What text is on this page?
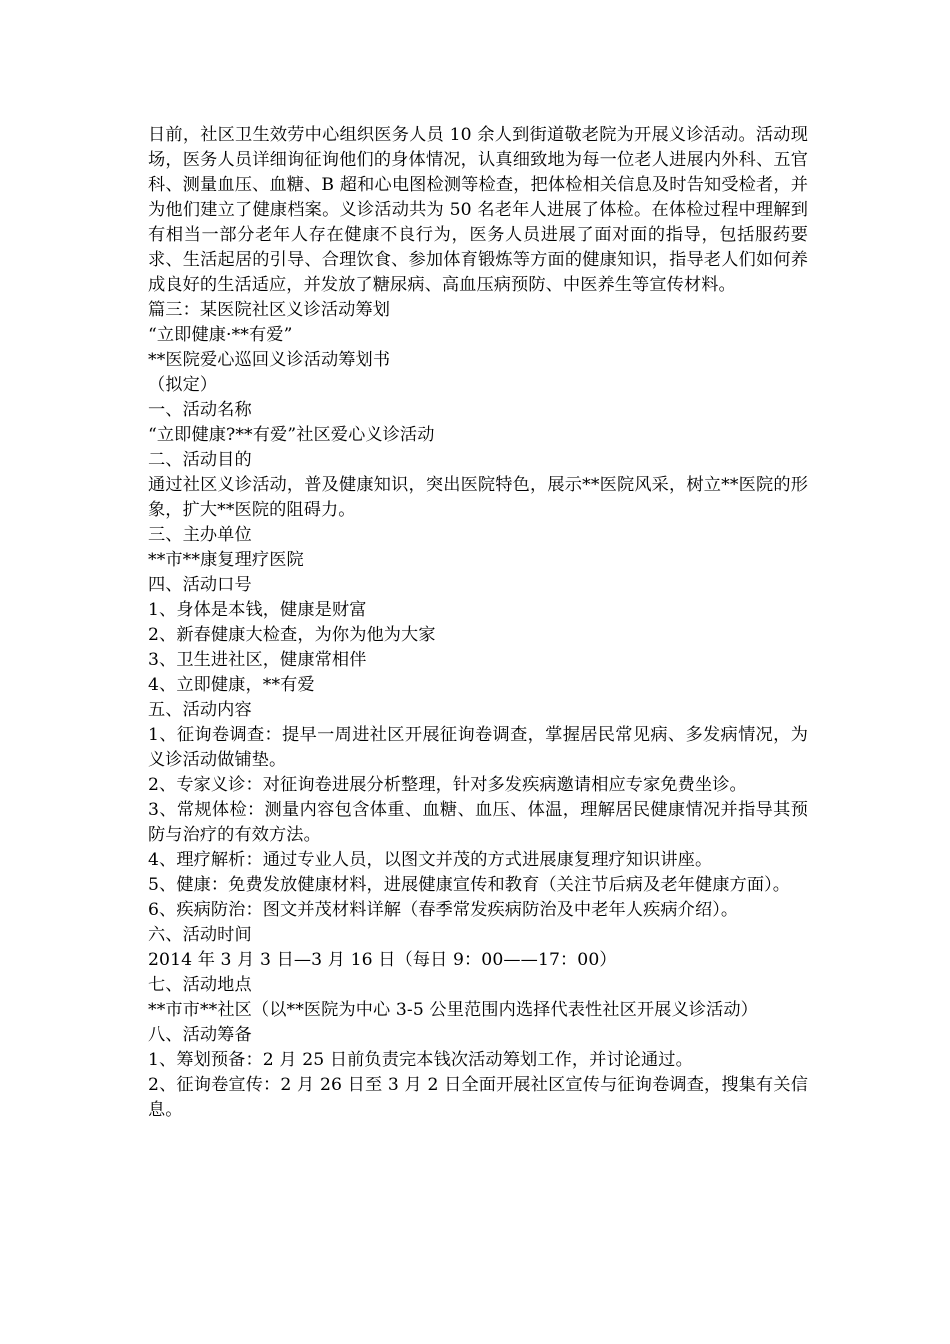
日前，社区卫生效劳中心组织医务人员 10 余人到街道敬老院为开展义诊活动。活动现场，医务人员详细询征询他们的身体情况，认真细致地为每一位老人进展内外科、五官科、测量血压、血糖、B 超和心电图检测等检查，把体检相关信息及时告知受检者，并为他们建立了健康档案。义诊活动共为 50 名老年人进展了体检。在体检过程中理解到有相当一部分老年人存在健康不良行为，医务人员进展了面对面的指导，包括服药要求、生活起居的引导、合理饮食、参加体育锻炼等方面的健康知识，指导老人们如何养成良好的生活适应，并发放了糖尿病、高血压病预防、中医养生等宣传材料。

篇三：某医院社区义诊活动筹划

“立即健康·**有爱”

**医院爱心巡回义诊活动筹划书

（拟定）

一、活动名称

“立即健康?**有爱”社区爱心义诊活动

二、活动目的

通过社区义诊活动，普及健康知识，突出医院特色，展示**医院风采，树立**医院的形象，扩大**医院的阻碍力。

三、主办单位

**市**康复理疗医院

四、活动口号

1、身体是本钱，健康是财富

2、新春健康大检查，为你为他为大家

3、卫生进社区，健康常相伴

4、立即健康，**有爱

五、活动内容

1、征询卷调查：提早一周进社区开展征询卷调查，掌握居民常见病、多发病情况，为义诊活动做铺垫。

2、专家义诊：对征询卷进展分析整理，针对多发疾病邀请相应专家免费坐诊。

3、常规体检：测量内容包含体重、血糖、血压、体温，理解居民健康情况并指导其预防与治疗的有效方法。

4、理疗解析：通过专业人员，以图文并茂的方式进展康复理疗知识讲座。

5、健康：免费发放健康材料，进展健康宣传和教育（关注节后病及老年健康方面）。

6、疾病防治：图文并茂材料详解（春季常发疾病防治及中老年人疾病介绍）。

六、活动时间

2014 年 3 月 3 日—3 月 16 日（每日 9：00——17：00）

七、活动地点

**市市**社区（以**医院为中心 3-5 公里范围内选择代表性社区开展义诊活动）

八、活动筹备

1、筹划预备：2 月 25 日前负责完本钱次活动筹划工作，并讨论通过。

2、征询卷宣传：2 月 26 日至 3 月 2 日全面开展社区宣传与征询卷调查，搜集有关信息。
